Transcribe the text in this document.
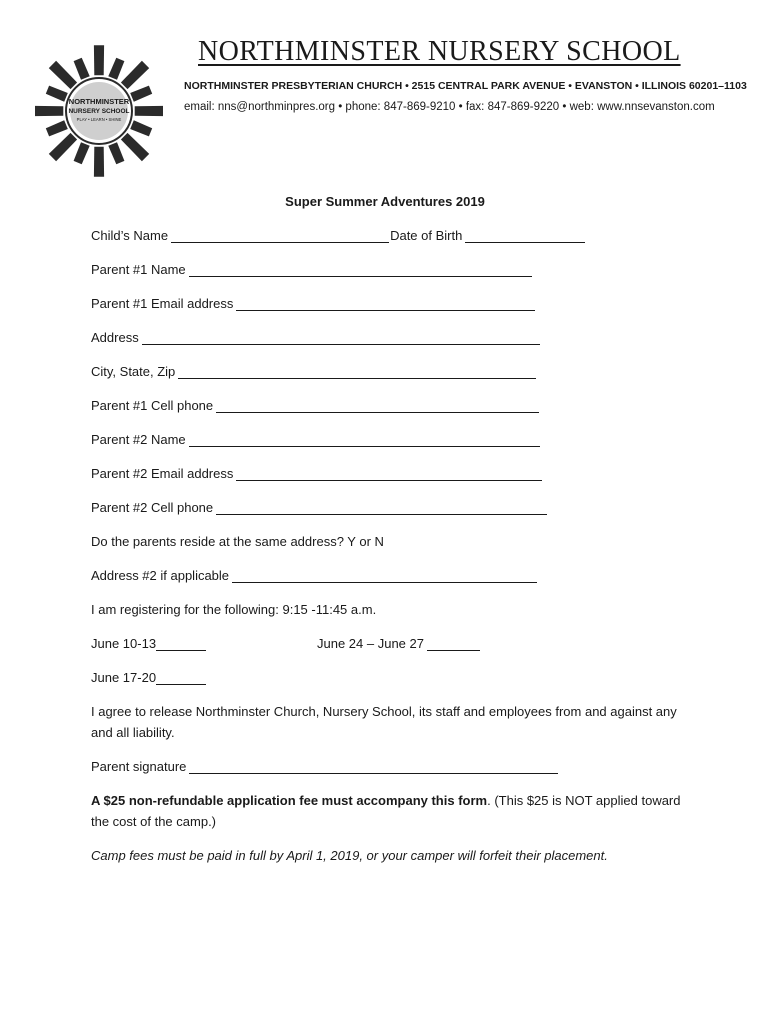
NORTHMINSTER
NURSERY SCHOOL
PLAY • LEARN • SHINE
NORTHMINSTER NURSERY SCHOOL
NORTHMINSTER PRESBYTERIAN CHURCH • 2515 CENTRAL PARK AVENUE • EVANSTON • ILLINOIS 60201–1103
email: nns@northminpres.org • phone: 847-869-9210 • fax: 847-869-9220 • web: www.nnsevanston.com
Super Summer Adventures 2019
Child’s Name	Date of Birth
Parent #1 Name
Parent #1 Email address
Address
City, State, Zip
Parent #1 Cell phone
Parent #2 Name
Parent #2 Email address
Parent #2 Cell phone
Do the parents reside at the same address? Y or N
Address #2 if applicable
I am registering for the following: 9:15 -11:45 a.m.
June 10-13	June 24 – June 27
June 17-20
I agree to release Northminster Church, Nursery School, its staff and employees from and against any and all liability.
Parent signature
A $25 non-refundable application fee must accompany this form. (This $25 is NOT applied toward the cost of the camp.)
Camp fees must be paid in full by April 1, 2019, or your camper will forfeit their placement.
